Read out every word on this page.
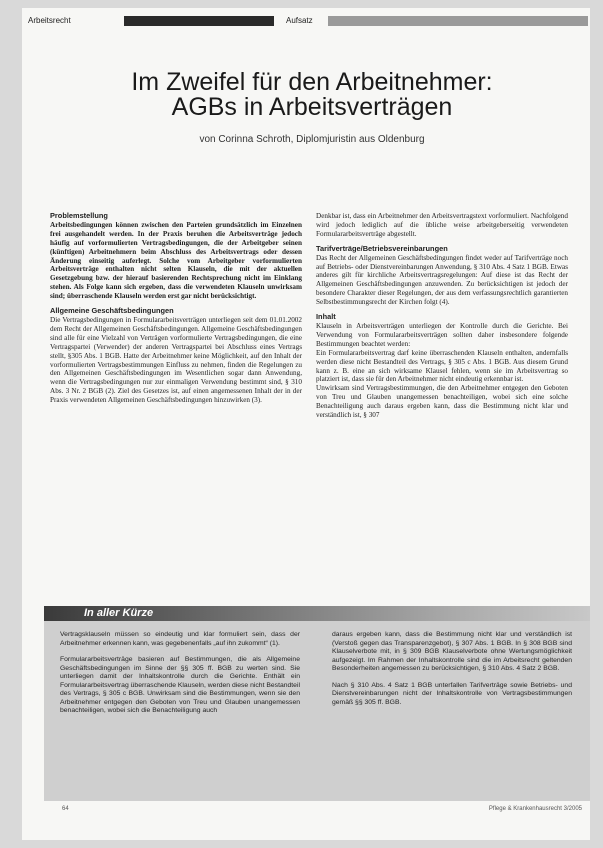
Arbeitsrecht	Aufsatz
Im Zweifel für den Arbeitnehmer:
AGBs in Arbeitsverträgen
von Corinna Schroth, Diplomjuristin aus Oldenburg
Problemstellung

Arbeitsbedingungen können zwischen den Parteien grundsätzlich im Einzelnen frei ausgehandelt werden. In der Praxis beruhen die Arbeitsverträge jedoch häufig auf vorformulierten Vertragsbedingungen, die der Arbeitgeber seinen (künftigen) Arbeitnehmern beim Abschluss des Arbeitsvertrags oder dessen Änderung einseitig auferlegt. Solche vom Arbeitgeber vorformulierten Arbeitsverträge enthalten nicht selten Klauseln, die mit der aktuellen Gesetzgebung bzw. der hierauf basierenden Rechtsprechung nicht im Einklang stehen. Als Folge kann sich ergeben, dass die verwendeten Klauseln unwirksam sind; überraschende Klauseln werden erst gar nicht berücksichtigt.

Allgemeine Geschäftsbedingungen

Die Vertragsbedingungen in Formulararbeitsverträgen unterliegen seit dem 01.01.2002 dem Recht der Allgemeinen Geschäftsbedingungen. Allgemeine Geschäftsbedingungen sind alle für eine Vielzahl von Verträgen vorformulierte Vertragsbedingungen, die eine Vertragspartei (Verwender) der anderen Vertragspartei bei Abschluss eines Vertrags stellt, §305 Abs. 1 BGB. Hatte der Arbeitnehmer keine Möglichkeit, auf den Inhalt der vorformulierten Vertragsbestimmungen Einfluss zu nehmen, finden die Regelungen zu den Allgemeinen Geschäftsbedingungen im Wesentlichen sogar dann Anwendung, wenn die Vertragsbedingungen nur zur einmaligen Verwendung bestimmt sind, § 310 Abs. 3 Nr. 2 BGB (2). Ziel des Gesetzes ist, auf einen angemessenen Inhalt der in der Praxis verwendeten Allgemeinen Geschäftsbedingungen hinzuwirken (3).

Denkbar ist, dass ein Arbeitnehmer den Arbeitsvertragstext vorformuliert. Nachfolgend wird jedoch lediglich auf die übliche weise arbeitgeberseitig verwendeten Formulararbeitsverträge abgestellt.

Tarifverträge/Betriebsvereinbarungen

Das Recht der Allgemeinen Geschäftsbedingungen findet weder auf Tarifverträge noch auf Betriebs- oder Dienstvereinbarungen Anwendung, § 310 Abs. 4 Satz 1 BGB. Etwas anderes gilt für kirchliche Arbeitsvertragsregelungen: Auf diese ist das Recht der Allgemeinen Geschäftsbedingungen anzuwenden. Zu berücksichtigen ist jedoch der besondere Charakter dieser Regelungen, der aus dem verfassungsrechtlich garantierten Selbstbestimmungsrecht der Kirchen folgt (4).

Inhalt

Klauseln in Arbeitsverträgen unterliegen der Kontrolle durch die Gerichte. Bei Verwendung von Formulararbeitsverträgen sollten daher insbesondere folgende Bestimmungen beachtet werden:
Ein Formulararbeitsvertrag darf keine überraschenden Klauseln enthalten, andernfalls werden diese nicht Bestandteil des Vertrags, § 305 c Abs. 1 BGB. Aus diesem Grund kann z. B. eine an sich wirksame Klausel fehlen, wenn sie im Arbeitsvertrag so platziert ist, dass sie für den Arbeitnehmer nicht eindeutig erkennbar ist.
Unwirksam sind Vertragsbestimmungen, die den Arbeitnehmer entgegen den Geboten von Treu und Glauben unangemessen benachteiligen, wobei sich eine solche Benachteiligung auch daraus ergeben kann, dass die Bestimmung nicht klar und verständlich ist, § 307

In aller Kürze

Vertragsklauseln müssen so eindeutig und klar formuliert sein, dass der Arbeitnehmer erkennen kann, was gegebenenfalls „auf ihn zukommt“ (1).

Formulararbeitsverträge basieren auf Bestimmungen, die als Allgemeine Geschäftsbedingungen im Sinne der §§ 305 ff. BGB zu werten sind. Sie unterliegen damit der Inhaltskontrolle durch die Gerichte. Enthält ein Formulararbeitsvertrag überraschende Klauseln, werden diese nicht Bestandteil des Vertrags, § 305 c BGB. Unwirksam sind die Bestimmungen, wenn sie den Arbeitnehmer entgegen den Geboten von Treu und Glauben unangemessen benachteiligen, wobei sich die Benachteiligung auch

daraus ergeben kann, dass die Bestimmung nicht klar und verständlich ist (Verstoß gegen das Transparenzgebot), § 307 Abs. 1 BGB. In § 308 BGB sind Klauselverbote mit, in § 309 BGB Klauselverbote ohne Wertungsmöglichkeit aufgezeigt. Im Rahmen der Inhaltskontrolle sind die im Arbeitsrecht geltenden Besonderheiten angemessen zu berücksichtigen, § 310 Abs. 4 Satz 2 BGB.

Nach § 310 Abs. 4 Satz 1 BGB unterfallen Tarifverträge sowie Betriebs- und Dienstvereinbarungen nicht der Inhaltskontrolle von Vertragsbestimmungen gemäß §§ 305 ff. BGB.

64	Pflege & Krankenhausrecht 3/2005
